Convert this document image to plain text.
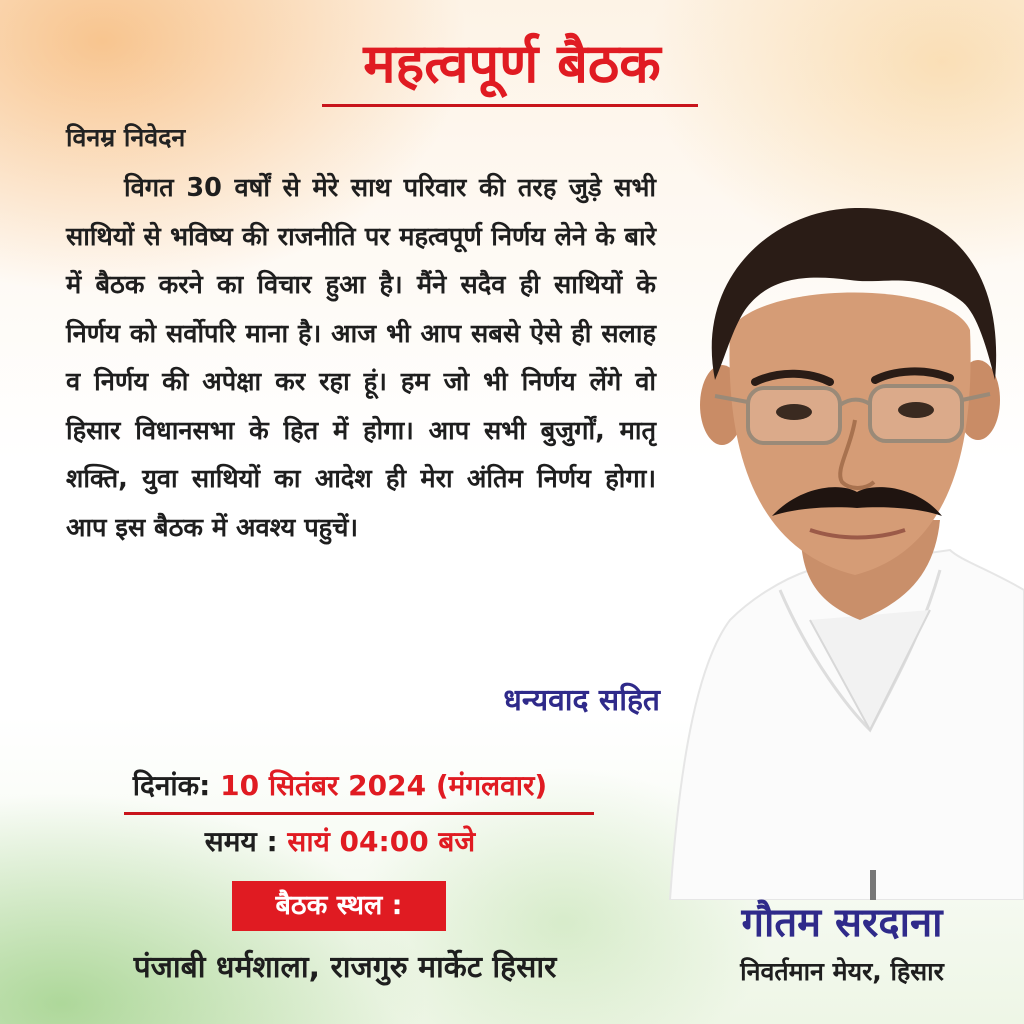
महत्वपूर्ण बैठक
विनम्र निवेदन
विगत 30 वर्षों से मेरे साथ परिवार की तरह जुड़े सभी साथियों से भविष्य की राजनीति पर महत्वपूर्ण निर्णय लेने के बारे में बैठक करने का विचार हुआ है। मैंने सदैव ही साथियों के निर्णय को सर्वोपरि माना है। आज भी आप सबसे ऐसे ही सलाह व निर्णय की अपेक्षा कर रहा हूं। हम जो भी निर्णय लेंगे वो हिसार विधानसभा के हित में होगा। आप सभी बुजुर्गों, मातृ शक्ति, युवा साथियों का आदेश ही मेरा अंतिम निर्णय होगा। आप इस बैठक में अवश्य पहुचें।
धन्यवाद सहित
दिनांक: 10 सितंबर 2024 (मंगलवार)
समय : सायं 04:00 बजे
बैठक स्थल :
पंजाबी धर्मशाला, राजगुरु मार्केट हिसार
गौतम सरदाना
निवर्तमान मेयर, हिसार
